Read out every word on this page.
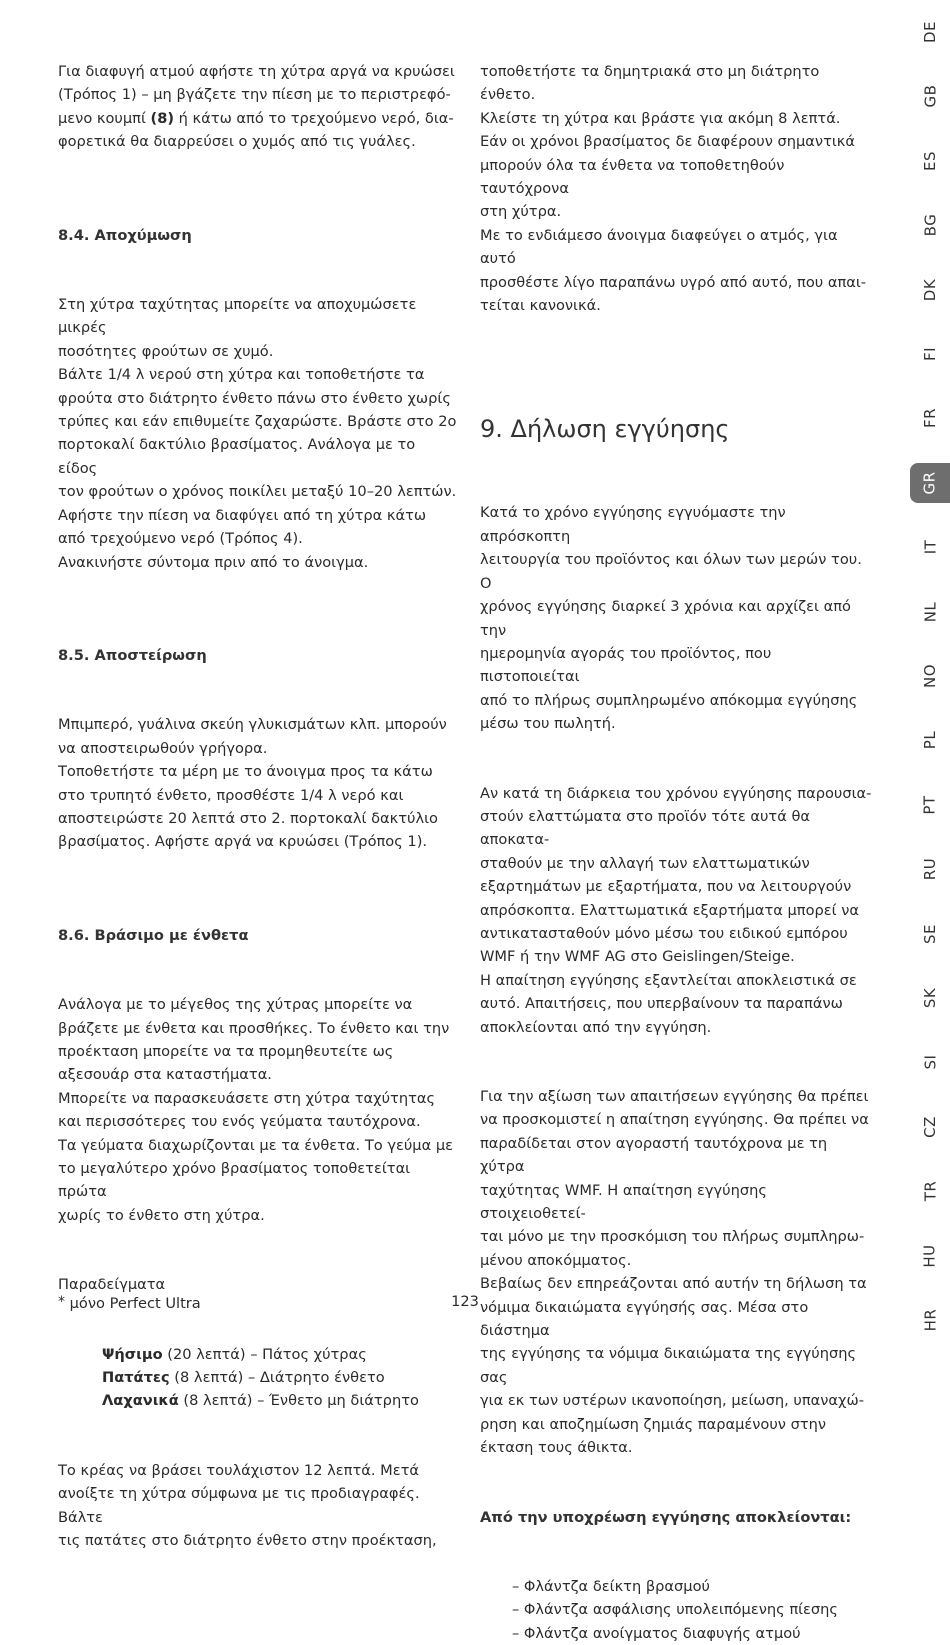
Για διαφυγή ατμού αφήστε τη χύτρα αργά να κρυώσει

(Τρόπος 1) – μη βγάζετε την πίεση με το περιστρεφό-

μενο κουμπί (8) ή κάτω από το τρεχούμενο νερό, δια-

φορετικά θα διαρρεύσει ο χυμός από τις γυάλες.

8.4. Αποχύμωση

Στη χύτρα ταχύτητας μπορείτε να αποχυμώσετε μικρές

ποσότητες φρούτων σε χυμό.

Βάλτε 1/4 λ νερού στη χύτρα και τοποθετήστε τα

φρούτα στο διάτρητο ένθετο πάνω στο ένθετο χωρίς

τρύπες και εάν επιθυμείτε ζαχαρώστε. Βράστε στο 2ο

πορτοκαλί δακτύλιο βρασίματος. Ανάλογα με το είδος

τον φρούτων ο χρόνος ποικίλει μεταξύ 10–20 λεπτών.

Αφήστε την πίεση να διαφύγει από τη χύτρα κάτω

από τρεχούμενο νερό (Τρόπος 4).

Ανακινήστε σύντομα πριν από το άνοιγμα.

8.5. Αποστείρωση

Μπιμπερό, γυάλινα σκεύη γλυκισμάτων κλπ. μπορούν

να αποστειρωθούν γρήγορα.

Τοποθετήστε τα μέρη με το άνοιγμα προς τα κάτω

στο τρυπητό ένθετο, προσθέστε 1/4 λ νερό και

αποστειρώστε 20 λεπτά στο 2. πορτοκαλί δακτύλιο

βρασίματος. Αφήστε αργά να κρυώσει (Τρόπος 1).

8.6. Βράσιμο με ένθετα

Ανάλογα με το μέγεθος της χύτρας μπορείτε να

βράζετε με ένθετα και προσθήκες. Το ένθετο και την

προέκταση μπορείτε να τα προμηθευτείτε ως

αξεσουάρ στα καταστήματα.

Μπορείτε να παρασκευάσετε στη χύτρα ταχύτητας

και περισσότερες του ενός γεύματα ταυτόχρονα.

Τα γεύματα διαχωρίζονται με τα ένθετα. Το γεύμα με

το μεγαλύτερο χρόνο βρασίματος τοποθετείται πρώτα

χωρίς το ένθετο στη χύτρα.

Παραδείγματα

Ψήσιμο (20 λεπτά) – Πάτος χύτρας

Πατάτες (8 λεπτά) – Διάτρητο ένθετο

Λαχανικά (8 λεπτά) – Ένθετο μη διάτρητο

Το κρέας να βράσει τουλάχιστον 12 λεπτά. Μετά

ανοίξτε τη χύτρα σύμφωνα με τις προδιαγραφές. Βάλτε

τις πατάτες στο διάτρητο ένθετο στην προέκταση,

τοποθετήστε τα δημητριακά στο μη διάτρητο ένθετο.

Κλείστε τη χύτρα και βράστε για ακόμη 8 λεπτά.

Εάν οι χρόνοι βρασίματος δε διαφέρουν σημαντικά

μπορούν όλα τα ένθετα να τοποθετηθούν ταυτόχρονα

στη χύτρα.

Με το ενδιάμεσο άνοιγμα διαφεύγει ο ατμός, για αυτό

προσθέστε λίγο παραπάνω υγρό από αυτό, που απαι-

τείται κανονικά.

9. Δήλωση εγγύησης

Κατά το χρόνο εγγύησης εγγυόμαστε την απρόσκοπτη

λειτουργία του προϊόντος και όλων των μερών του. Ο

χρόνος εγγύησης διαρκεί 3 χρόνια και αρχίζει από την

ημερομηνία αγοράς του προϊόντος, που πιστοποιείται

από το πλήρως συμπληρωμένο απόκομμα εγγύησης

μέσω του πωλητή.

Αν κατά τη διάρκεια του χρόνου εγγύησης παρουσια-

στούν ελαττώματα στο προϊόν τότε αυτά θα αποκατα-

σταθούν με την αλλαγή των ελαττωματικών

εξαρτημάτων με εξαρτήματα, που να λειτουργούν

απρόσκοπτα. Ελαττωματικά εξαρτήματα μπορεί να

αντικατασταθούν μόνο μέσω του ειδικού εμπόρου

WMF ή την WMF AG στο Geislingen/Steige.

Η απαίτηση εγγύησης εξαντλείται αποκλειστικά σε

αυτό. Απαιτήσεις, που υπερβαίνουν τα παραπάνω

αποκλείονται από την εγγύηση.

Για την αξίωση των απαιτήσεων εγγύησης θα πρέπει

να προσκομιστεί η απαίτηση εγγύησης. Θα πρέπει να

παραδίδεται στον αγοραστή ταυτόχρονα με τη χύτρα

ταχύτητας WMF. Η απαίτηση εγγύησης στοιχειοθετεί-

ται μόνο με την προσκόμιση του πλήρως συμπληρω-

μένου αποκόμματος.

Βεβαίως δεν επηρεάζονται από αυτήν τη δήλωση τα

νόμιμα δικαιώματα εγγύησής σας. Μέσα στο διάστημα

της εγγύησης τα νόμιμα δικαιώματα της εγγύησης σας

για εκ των υστέρων ικανοποίηση, μείωση, υπαναχώ-

ρηση και αποζημίωση ζημιάς παραμένουν στην

έκταση τους άθικτα.

Από την υποχρέωση εγγύησης αποκλείονται:

– Φλάντζα δείκτη βρασμού

– Φλάντζα ασφάλισης υπολειπόμενης πίεσης

– Φλάντζα ανοίγματος διαφυγής ατμού

* μόνο Perfect Ultra	123
DE
GB
ES
BG
DK
FI
FR
GR
IT
NL
NO
PL
PT
RU
SE
SK
SI
CZ
TR
HU
HR
